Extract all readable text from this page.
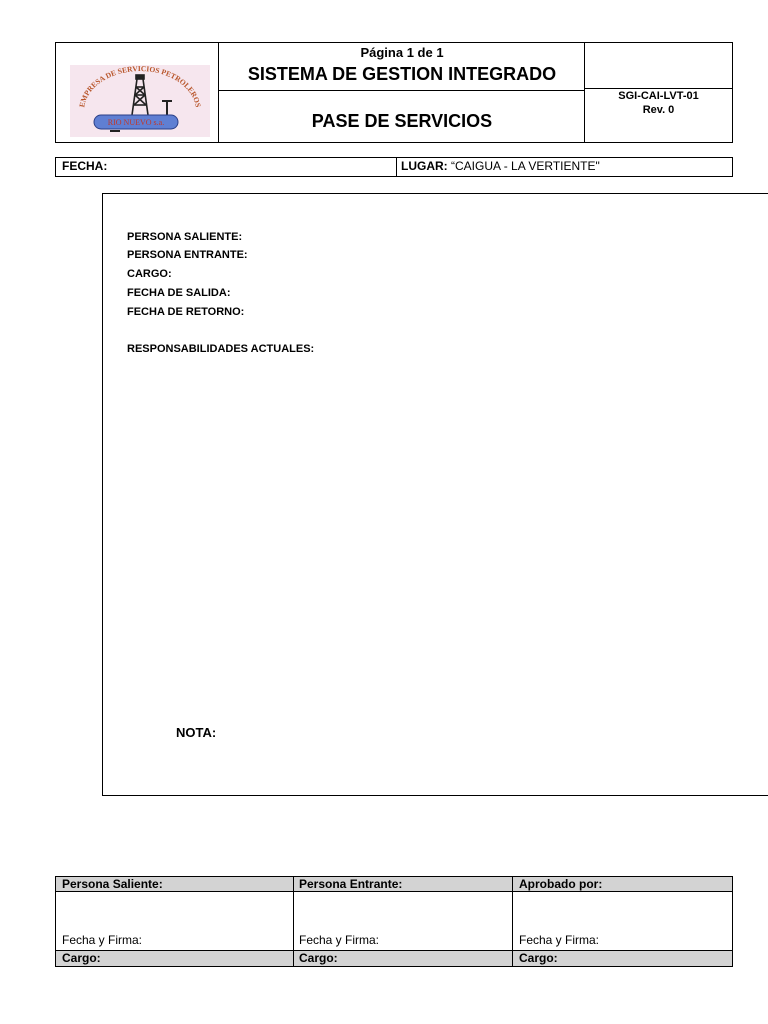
EMPRESA DE SERVICIOS PETROLEROS
RIO NUEVO s.a.
Página 1 de 1
SISTEMA DE GESTION INTEGRADO
PASE DE SERVICIOS
SGI-CAI-LVT-01
Rev. 0
FECHA:	LUGAR: “CAIGUA - LA VERTIENTE"
PERSONA SALIENTE:
PERSONA ENTRANTE:
CARGO:
FECHA DE SALIDA:
FECHA DE RETORNO:
RESPONSABILIDADES ACTUALES:
NOTA:
Persona Saliente:	Persona Entrante:	Aprobado por:
Fecha y Firma:	Fecha y Firma:	Fecha y Firma:
Cargo:	Cargo:	Cargo:
